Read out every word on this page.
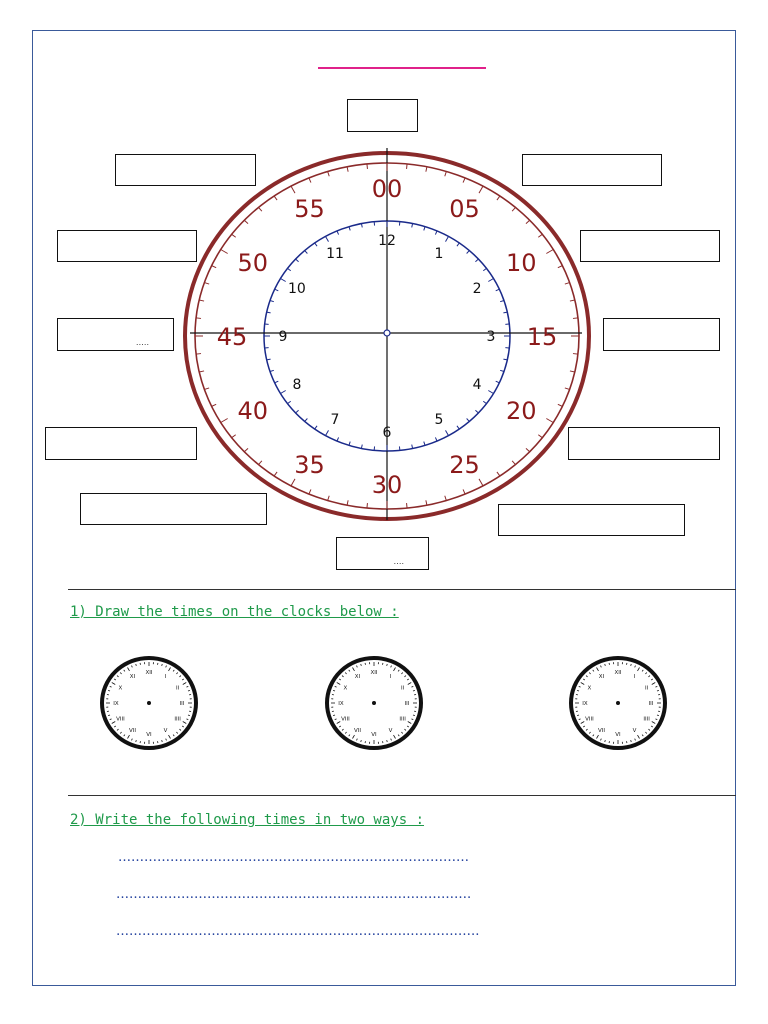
….
…..
00
05
10
15
20
25
30
35
40
45
50
55
12
1
2
3
4
5
6
7
8
9
10
11

1) Draw the times on the clocks below :

XII
I
II
III
IIII
V
VI
VII
VIII
IX
X
XI
XII
I
II
III
IIII
V
VI
VII
VIII
IX
X
XI
XII
I
II
III
IIII
V
VI
VII
VIII
IX
X
XI

2) Write the following times in two ways :

………………………………………………………………………
……………………………………………………………………….
…………………………………………………………..…………….
